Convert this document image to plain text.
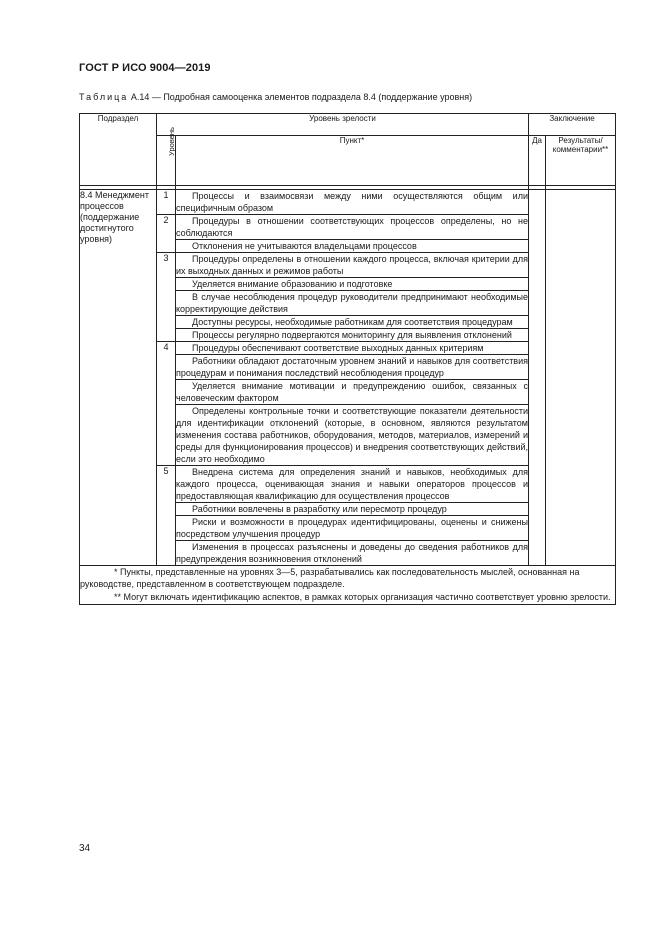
ГОСТ Р ИСО 9004—2019
Таблица А.14 — Подробная самооценка элементов подраздела 8.4 (поддержание уровня)
Подраздел	Уровень зрелости		Заключение	
	Уровень	Пункт*	Да	Результаты/ комментарии**

8.4 Менеджмент процессов (поддержание достигнутого уровня)	1	Процессы и взаимосвязи между ними осуществляются общим или специфичным образом		
	2	Процедуры в отношении соответствующих процессов определены, но не соблюдаются		
		Отклонения не учитываются владельцами процессов		
	3	Процедуры определены в отношении каждого процесса, включая критерии для их выходных данных и режимов работы		
		Уделяется внимание образованию и подготовке		
		В случае несоблюдения процедур руководители предпринимают необходимые корректирующие действия		
		Доступны ресурсы, необходимые работникам для соответствия процедурам		
		Процессы регулярно подвергаются мониторингу для выявления отклонений		
	4	Процедуры обеспечивают соответствие выходных данных критериям		
		Работники обладают достаточным уровнем знаний и навыков для соответствия процедурам и понимания последствий несоблюдения процедур		
		Уделяется внимание мотивации и предупреждению ошибок, связанных с человеческим фактором		
		Определены контрольные точки и соответствующие показатели деятельности для идентификации отклонений (которые, в основном, являются результатом изменения состава работников, оборудования, методов, материалов, измерений и среды для функционирования процессов) и внедрения соответствующих действий, если это необходимо		
	5	Внедрена система для определения знаний и навыков, необходимых для каждого процесса, оценивающая знания и навыки операторов процессов и предоставляющая квалификацию для осуществления процессов		
		Работники вовлечены в разработку или пересмотр процедур		
		Риски и возможности в процедурах идентифицированы, оценены и снижены посредством улучшения процедур		
		Изменения в процессах разъяснены и доведены до сведения работников для предупреждения возникновения отклонений		

* Пункты, представленные на уровнях 3—5, разрабатывались как последовательность мыслей, основанная на руководстве, представленном в соответствующем подразделе.
** Могут включать идентификацию аспектов, в рамках которых организация частично соответствует уровню зрелости.				
34
